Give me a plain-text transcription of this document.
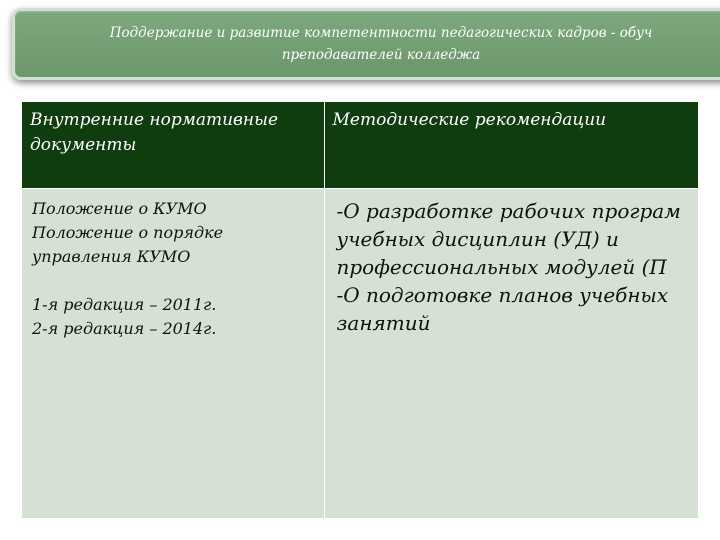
Поддержание и развитие компетентности педагогических кадров - обуч
преподавателей колледжа
Внутренние нормативные документы	Методические рекомендации

Положение о КУМО
Положение о порядке управления КУМО
1-я редакция – 2011г.
2-я редакция – 2014г.	-О разработке рабочих програм
учебных дисциплин (УД) и
профессиональных модулей (П
-О подготовке планов учебных
занятий
